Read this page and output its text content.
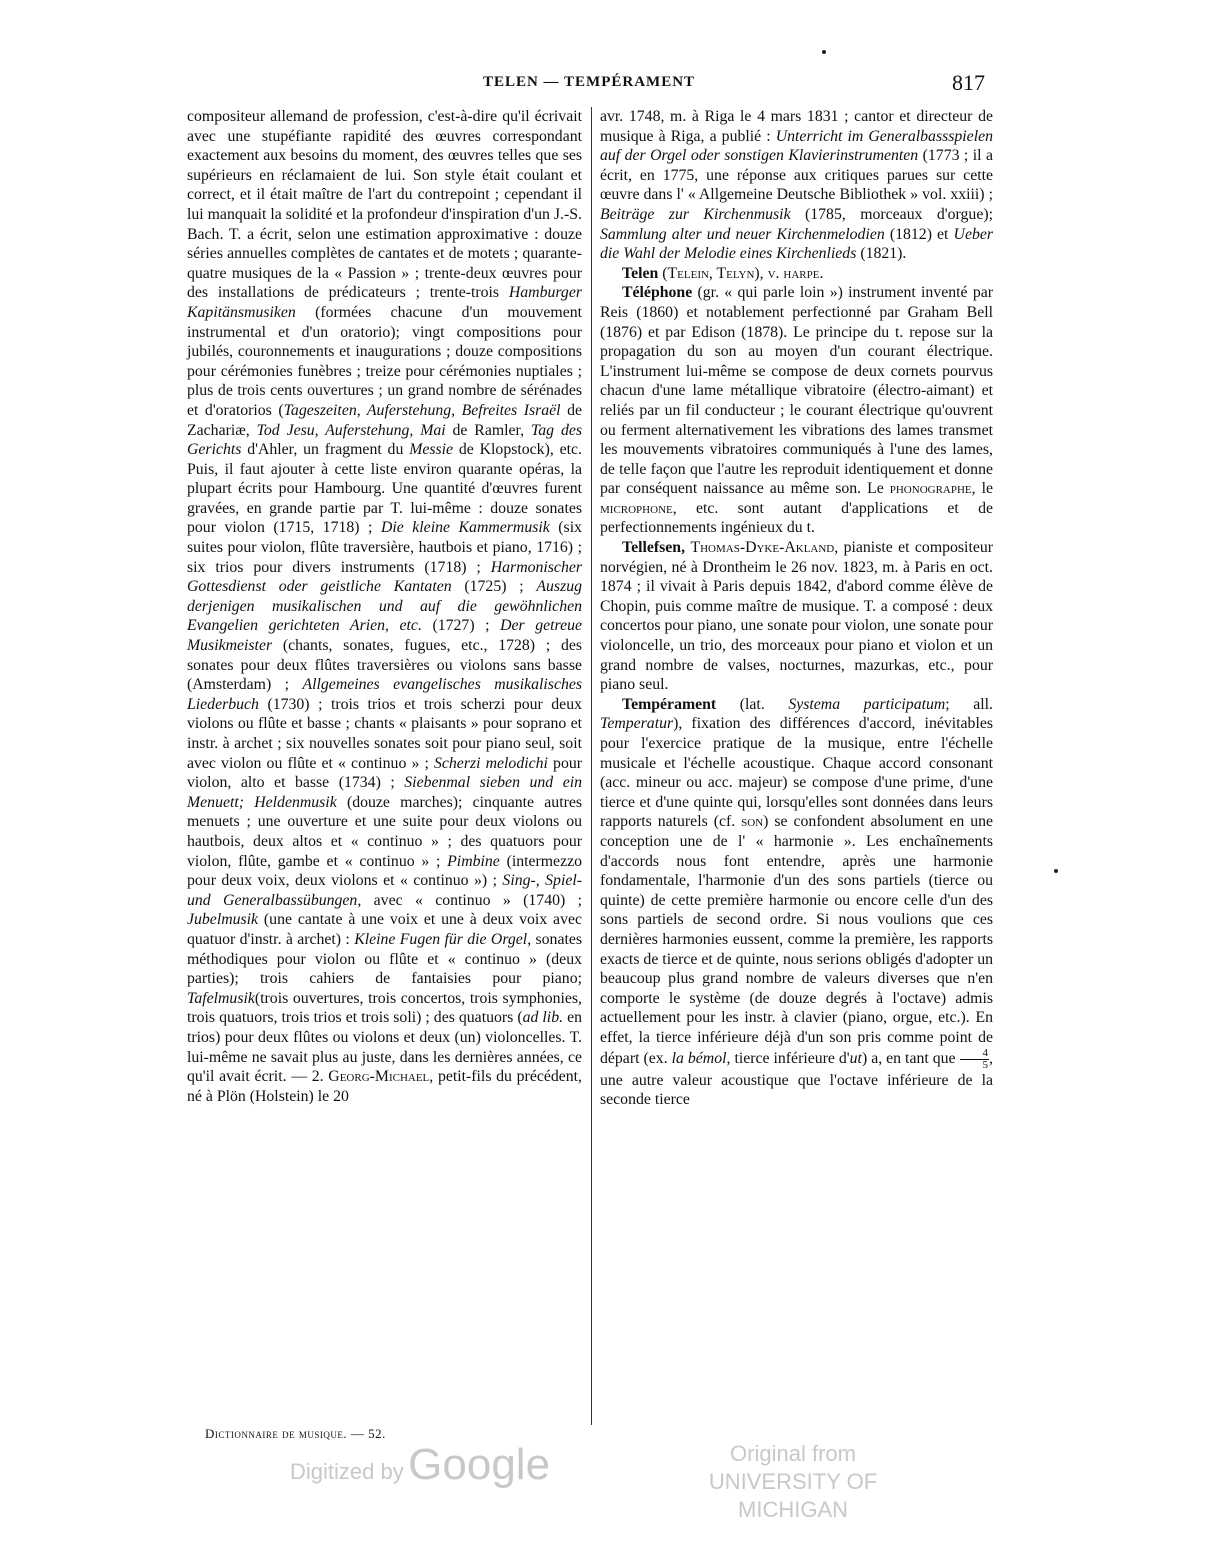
TELEN — TEMPÉRAMENT	817

compositeur allemand de profession, c'est-à-dire qu'il écrivait avec une stupéfiante rapidité des œuvres correspondant exactement aux besoins du moment, des œuvres telles que ses supérieurs en réclamaient de lui. Son style était coulant et correct, et il était maître de l'art du contrepoint ; cependant il lui manquait la solidité et la profondeur d'inspiration d'un J.-S. Bach. T. a écrit, selon une estimation approximative : douze séries annuelles complètes de cantates et de motets ; quarante-quatre musiques de la « Passion » ; trente-deux œuvres pour des installations de prédicateurs ; trente-trois Hamburger Kapitänsmusiken (formées chacune d'un mouvement instrumental et d'un oratorio); vingt compositions pour jubilés, couronnements et inaugurations ; douze compositions pour cérémonies funèbres ; treize pour cérémonies nuptiales ; plus de trois cents ouvertures ; un grand nombre de sérénades et d'oratorios (Tageszeiten, Auferstehung, Befreites Israël de Zachariæ, Tod Jesu, Auferstehung, Mai de Ramler, Tag des Gerichts d'Ahler, un fragment du Messie de Klopstock), etc. Puis, il faut ajouter à cette liste environ quarante opéras, la plupart écrits pour Hambourg. Une quantité d'œuvres furent gravées, en grande partie par T. lui-même : douze sonates pour violon (1715, 1718) ; Die kleine Kammermusik (six suites pour violon, flûte traversière, hautbois et piano, 1716) ; six trios pour divers instruments (1718) ; Harmonischer Gottesdienst oder geistliche Kantaten (1725) ; Auszug derjenigen musikalischen und auf die gewöhnlichen Evangelien gerichteten Arien, etc. (1727) ; Der getreue Musikmeister (chants, sonates, fugues, etc., 1728) ; des sonates pour deux flûtes traversières ou violons sans basse (Amsterdam) ; Allgemeines evangelisches musikalisches Liederbuch (1730) ; trois trios et trois scherzi pour deux violons ou flûte et basse ; chants « plaisants » pour soprano et instr. à archet ; six nouvelles sonates soit pour piano seul, soit avec violon ou flûte et « continuo » ; Scherzi melodichi pour violon, alto et basse (1734) ; Siebenmal sieben und ein Menuett; Heldenmusik (douze marches); cinquante autres menuets ; une ouverture et une suite pour deux violons ou hautbois, deux altos et « continuo » ; des quatuors pour violon, flûte, gambe et « continuo » ; Pimbine (intermezzo pour deux voix, deux violons et « continuo ») ; Sing-, Spiel- und Generalbassübungen, avec « continuo » (1740) ; Jubelmusik (une cantate à une voix et une à deux voix avec quatuor d'instr. à archet) : Kleine Fugen für die Orgel, sonates méthodiques pour violon ou flûte et « continuo » (deux parties); trois cahiers de fantaisies pour piano; Tafelmusik(trois ouvertures, trois concertos, trois symphonies, trois quatuors, trois trios et trois soli) ; des quatuors (ad lib. en trios) pour deux flûtes ou violons et deux (un) violoncelles. T. lui-même ne savait plus au juste, dans les dernières années, ce qu'il avait écrit. — 2. Georg-Michael, petit-fils du précédent, né à Plön (Holstein) le 20

avr. 1748, m. à Riga le 4 mars 1831 ; cantor et directeur de musique à Riga, a publié : Unterricht im Generalbassspielen auf der Orgel oder sonstigen Klavierinstrumenten (1773 ; il a écrit, en 1775, une réponse aux critiques parues sur cette œuvre dans l' « Allgemeine Deutsche Bibliothek » vol. xxiii) ; Beiträge zur Kirchenmusik (1785, morceaux d'orgue); Sammlung alter und neuer Kirchenmelodien (1812) et Ueber die Wahl der Melodie eines Kirchenlieds (1821).

Telen (Telein, Telyn), v. harpe.

Téléphone (gr. « qui parle loin ») instrument inventé par Reis (1860) et notablement perfectionné par Graham Bell (1876) et par Edison (1878). Le principe du t. repose sur la propagation du son au moyen d'un courant électrique. L'instrument lui-même se compose de deux cornets pourvus chacun d'une lame métallique vibratoire (électro-aimant) et reliés par un fil conducteur ; le courant électrique qu'ouvrent ou ferment alternativement les vibrations des lames transmet les mouvements vibratoires communiqués à l'une des lames, de telle façon que l'autre les reproduit identiquement et donne par conséquent naissance au même son. Le phonographe, le microphone, etc. sont autant d'applications et de perfectionnements ingénieux du t.

Tellefsen, Thomas-Dyke-Akland, pianiste et compositeur norvégien, né à Drontheim le 26 nov. 1823, m. à Paris en oct. 1874 ; il vivait à Paris depuis 1842, d'abord comme élève de Chopin, puis comme maître de musique. T. a composé : deux concertos pour piano, une sonate pour violon, une sonate pour violoncelle, un trio, des morceaux pour piano et violon et un grand nombre de valses, nocturnes, mazurkas, etc., pour piano seul.

Tempérament (lat. Systema participatum; all. Temperatur), fixation des différences d'accord, inévitables pour l'exercice pratique de la musique, entre l'échelle musicale et l'échelle acoustique. Chaque accord consonant (acc. mineur ou acc. majeur) se compose d'une prime, d'une tierce et d'une quinte qui, lorsqu'elles sont données dans leurs rapports naturels (cf. son) se confondent absolument en une conception une de l' « harmonie ». Les enchaînements d'accords nous font entendre, après une harmonie fondamentale, l'harmonie d'un des sons partiels (tierce ou quinte) de cette première harmonie ou encore celle d'un des sons partiels de second ordre. Si nous voulions que ces dernières harmonies eussent, comme la première, les rapports exacts de tierce et de quinte, nous serions obligés d'adopter un beaucoup plus grand nombre de valeurs diverses que n'en comporte le système (de douze degrés à l'octave) admis actuellement pour les instr. à clavier (piano, orgue, etc.). En effet, la tierce inférieure déjà d'un son pris comme point de départ (ex. la bémol, tierce inférieure d'ut) a, en tant que $\frac{4}{5}$ , une autre valeur acoustique que l'octave inférieure de la seconde tierce

Dictionnaire de musique. — 52.
Digitized by Google	Original from
UNIVERSITY OF MICHIGAN
